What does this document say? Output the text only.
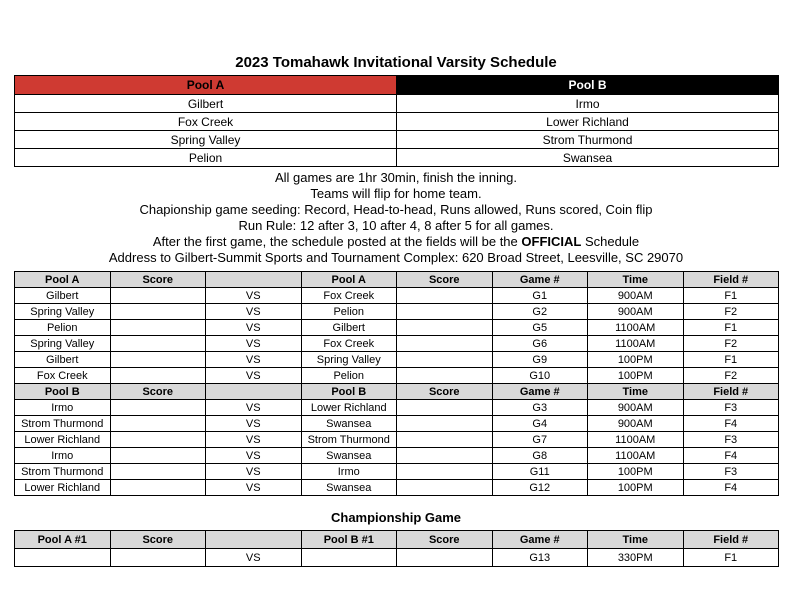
2023 Tomahawk Invitational Varsity Schedule
Pool A	Pool B
Gilbert	Irmo
Fox Creek	Lower Richland
Spring Valley	Strom Thurmond
Pelion	Swansea
All games are 1hr 30min, finish the inning.
Teams will flip for home team.
Chapionship game seeding: Record, Head-to-head, Runs allowed, Runs scored, Coin flip
Run Rule: 12 after 3, 10 after 4, 8 after 5 for all games.
After the first game, the schedule posted at the fields will be the OFFICIAL Schedule
Address to Gilbert-Summit Sports and Tournament Complex: 620 Broad Street, Leesville, SC 29070
Pool A	Score		Pool A	Score	Game #	Time	Field #
Gilbert		VS	Fox Creek		G1	900AM	F1
Spring Valley		VS	Pelion		G2	900AM	F2
Pelion		VS	Gilbert		G5	1100AM	F1
Spring Valley		VS	Fox Creek		G6	1100AM	F2
Gilbert		VS	Spring Valley		G9	100PM	F1
Fox Creek		VS	Pelion		G10	100PM	F2
Pool B	Score		Pool B	Score	Game #	Time	Field #
Irmo		VS	Lower Richland		G3	900AM	F3
Strom Thurmond		VS	Swansea		G4	900AM	F4
Lower Richland		VS	Strom Thurmond		G7	1100AM	F3
Irmo		VS	Swansea		G8	1100AM	F4
Strom Thurmond		VS	Irmo		G11	100PM	F3
Lower Richland		VS	Swansea		G12	100PM	F4
Championship Game
Pool A #1	Score		Pool B #1	Score	Game #	Time	Field #
		VS			G13	330PM	F1
